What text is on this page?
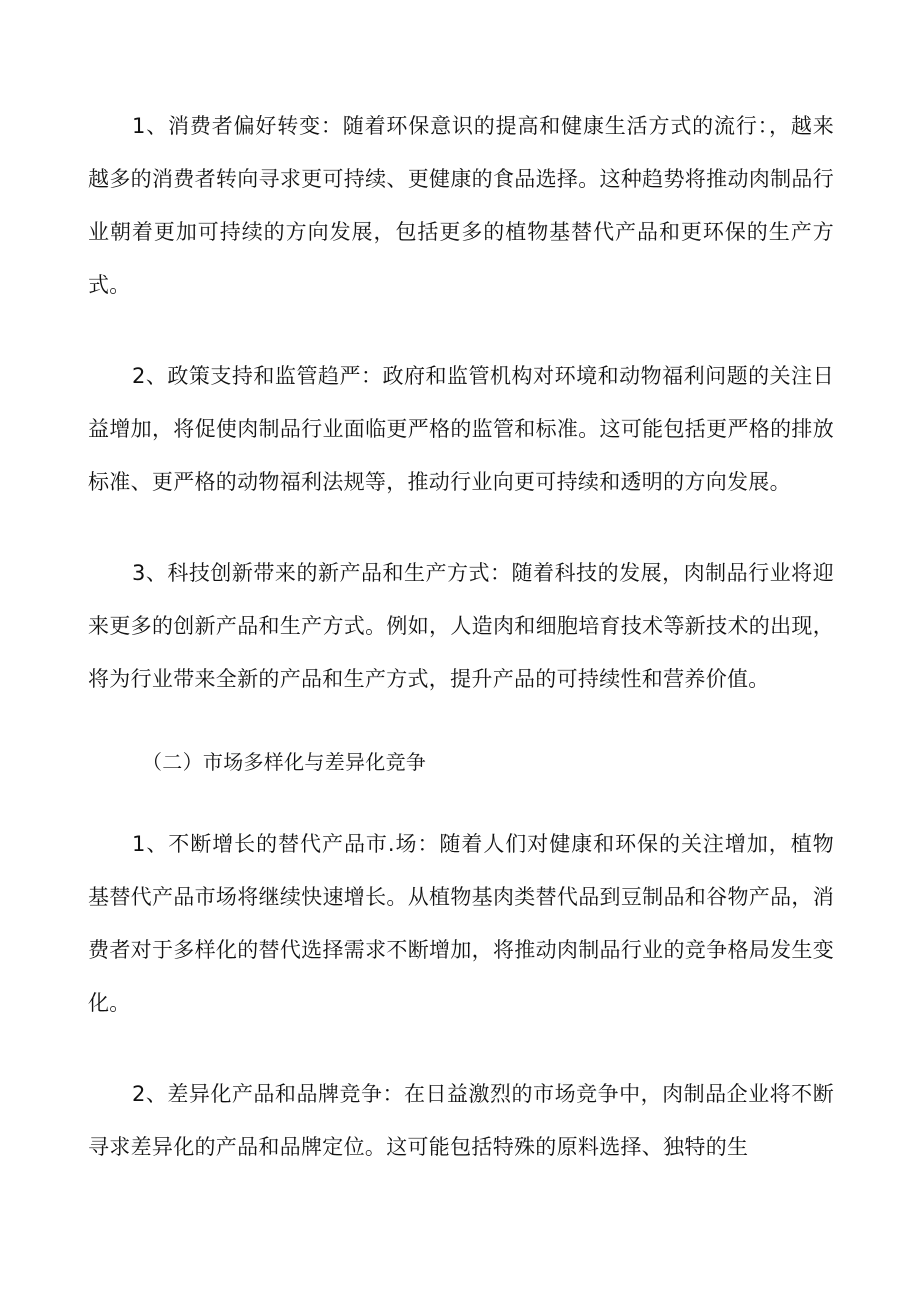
1、消费者偏好转变：随着环保意识的提高和健康生活方式的流行：，越来越多的消费者转向寻求更可持续、更健康的食品选择。这种趋势将推动肉制品行业朝着更加可持续的方向发展，包括更多的植物基替代产品和更环保的生产方式。

2、政策支持和监管趋严：政府和监管机构对环境和动物福利问题的关注日益增加，将促使肉制品行业面临更严格的监管和标准。这可能包括更严格的排放标准、更严格的动物福利法规等，推动行业向更可持续和透明的方向发展。

3、科技创新带来的新产品和生产方式：随着科技的发展，肉制品行业将迎来更多的创新产品和生产方式。例如，人造肉和细胞培育技术等新技术的出现，将为行业带来全新的产品和生产方式，提升产品的可持续性和营养价值。

（二）市场多样化与差异化竞争

1、不断增长的替代产品市.场：随着人们对健康和环保的关注增加，植物基替代产品市场将继续快速增长。从植物基肉类替代品到豆制品和谷物产品，消费者对于多样化的替代选择需求不断增加，将推动肉制品行业的竞争格局发生变化。

2、差异化产品和品牌竞争：在日益激烈的市场竞争中，肉制品企业将不断寻求差异化的产品和品牌定位。这可能包括特殊的原料选择、独特的生
